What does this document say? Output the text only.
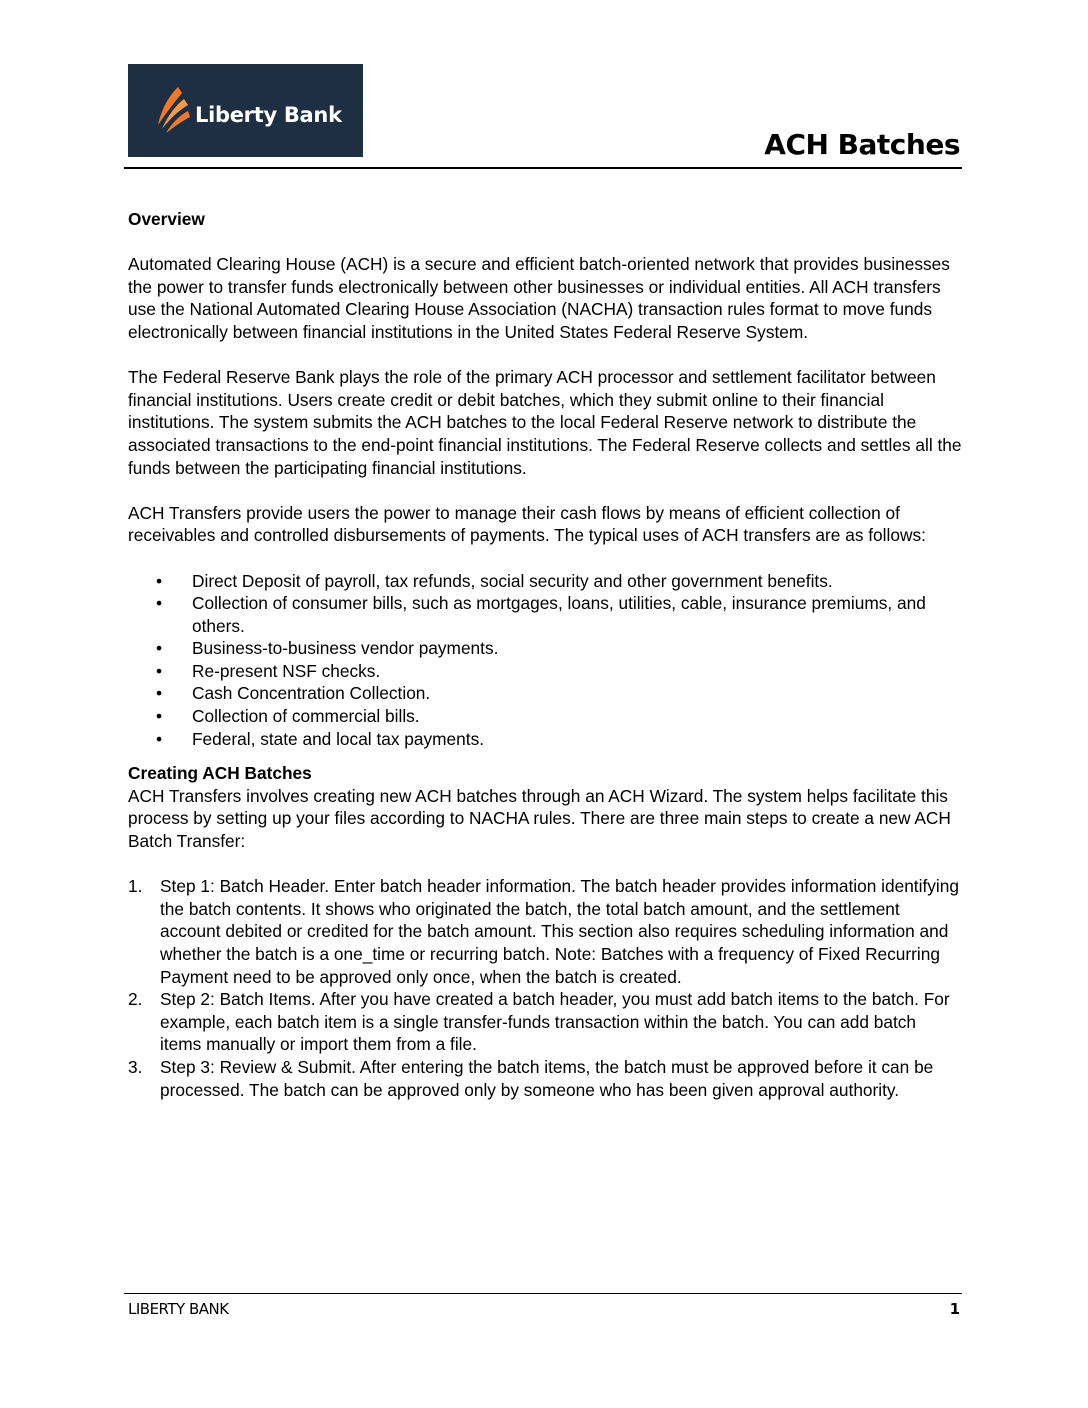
Liberty Bank
ACH Batches

Overview

Automated Clearing House (ACH) is a secure and efficient batch-oriented network that provides businesses the power to transfer funds electronically between other businesses or individual entities. All ACH transfers use the National Automated Clearing House Association (NACHA) transaction rules format to move funds electronically between financial institutions in the United States Federal Reserve System.

The Federal Reserve Bank plays the role of the primary ACH processor and settlement facilitator between financial institutions. Users create credit or debit batches, which they submit online to their financial institutions. The system submits the ACH batches to the local Federal Reserve network to distribute the associated transactions to the end-point financial institutions. The Federal Reserve collects and settles all the funds between the participating financial institutions.

ACH Transfers provide users the power to manage their cash flows by means of efficient collection of receivables and controlled disbursements of payments. The typical uses of ACH transfers are as follows:

• Direct Deposit of payroll, tax refunds, social security and other government benefits.
• Collection of consumer bills, such as mortgages, loans, utilities, cable, insurance premiums, and others.
• Business-to-business vendor payments.
• Re-present NSF checks.
• Cash Concentration Collection.
• Collection of commercial bills.
• Federal, state and local tax payments.

Creating ACH Batches

ACH Transfers involves creating new ACH batches through an ACH Wizard. The system helps facilitate this process by setting up your files according to NACHA rules. There are three main steps to create a new ACH Batch Transfer:

1. Step 1: Batch Header. Enter batch header information. The batch header provides information identifying the batch contents. It shows who originated the batch, the total batch amount, and the settlement account debited or credited for the batch amount. This section also requires scheduling information and whether the batch is a one_time or recurring batch. Note: Batches with a frequency of Fixed Recurring Payment need to be approved only once, when the batch is created.
2. Step 2: Batch Items. After you have created a batch header, you must add batch items to the batch. For example, each batch item is a single transfer-funds transaction within the batch. You can add batch items manually or import them from a file.
3. Step 3: Review & Submit. After entering the batch items, the batch must be approved before it can be processed. The batch can be approved only by someone who has been given approval authority.
LIBERTY BANK	1
